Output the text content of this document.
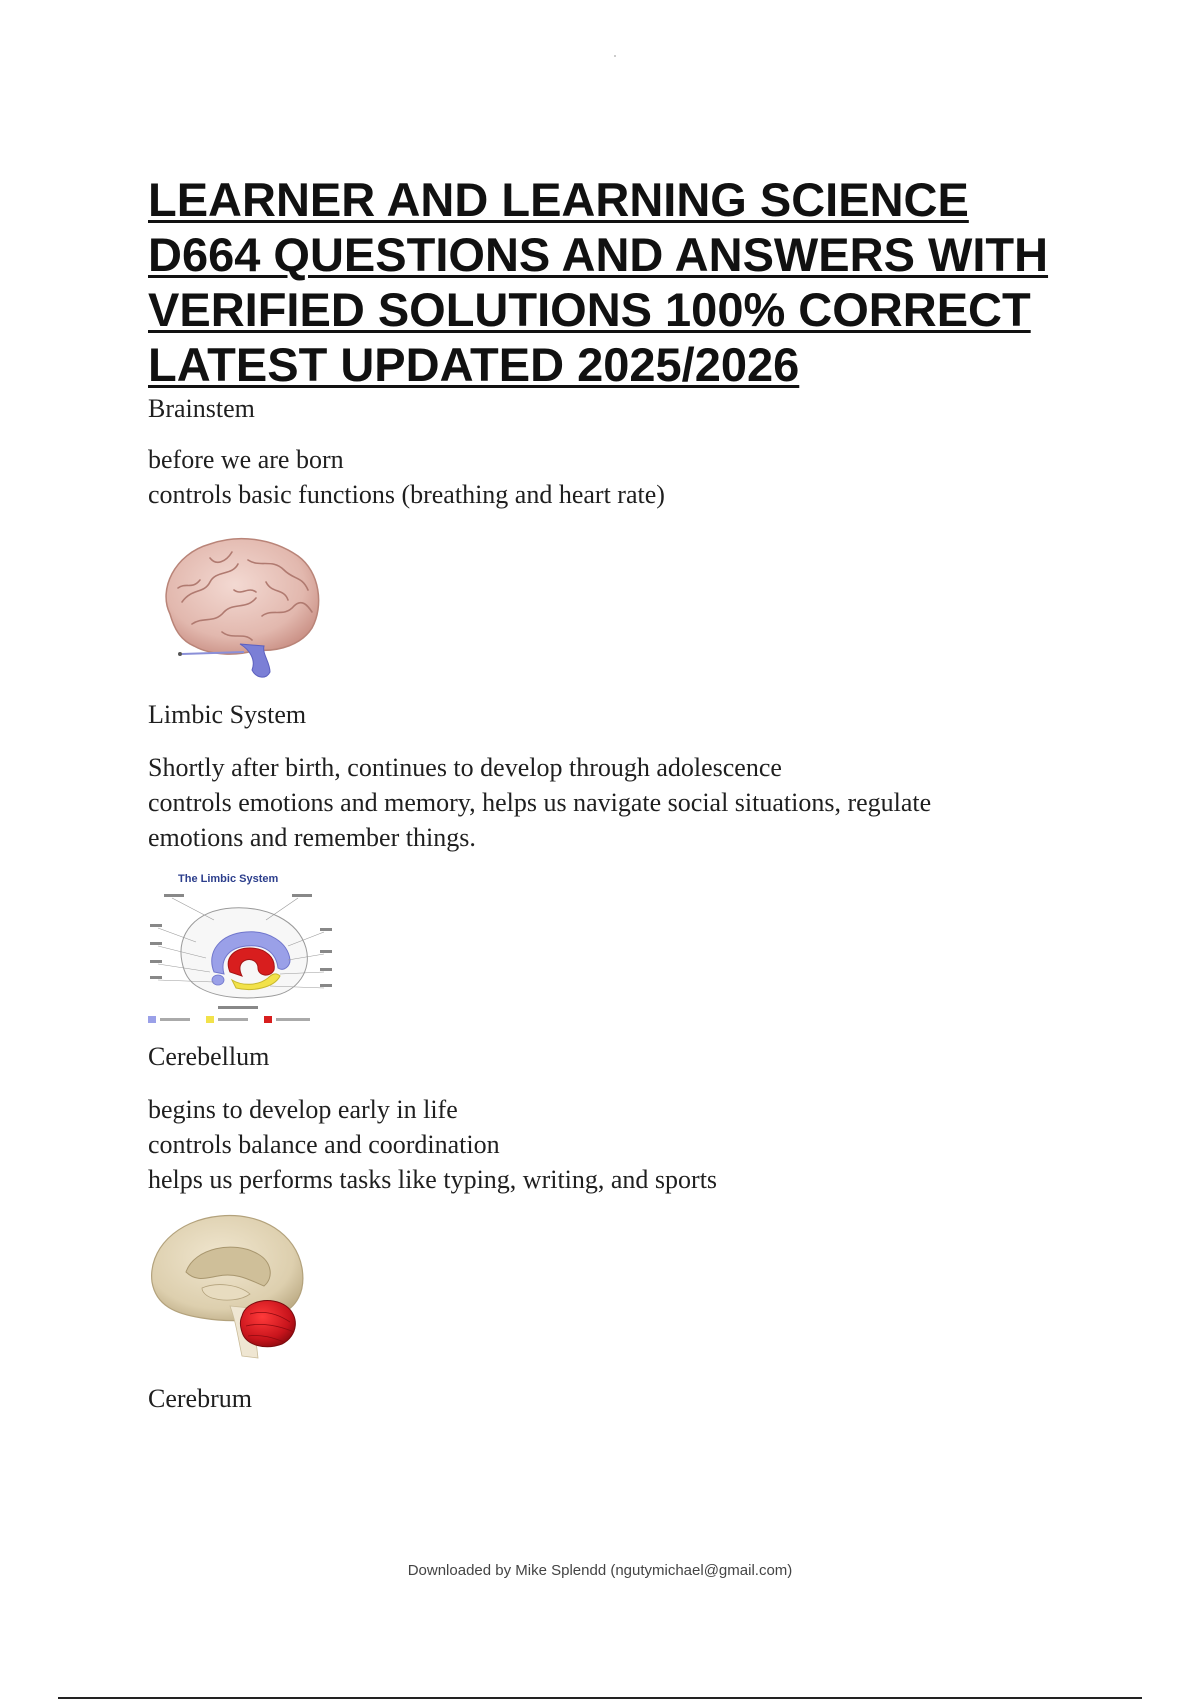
LEARNER AND LEARNING SCIENCE
D664 QUESTIONS AND ANSWERS WITH
VERIFIED SOLUTIONS 100% CORRECT
LATEST UPDATED 2025/2026

Brainstem

before we are born
controls basic functions (breathing and heart rate)

Limbic System

Shortly after birth, continues to develop through adolescence
controls emotions and memory, helps us navigate social situations, regulate
emotions and remember things.
The Limbic System

Cerebellum

begins to develop early in life
controls balance and coordination
helps us performs tasks like typing, writing, and sports

Cerebrum

Downloaded by Mike Splendd (ngutymichael@gmail.com)
